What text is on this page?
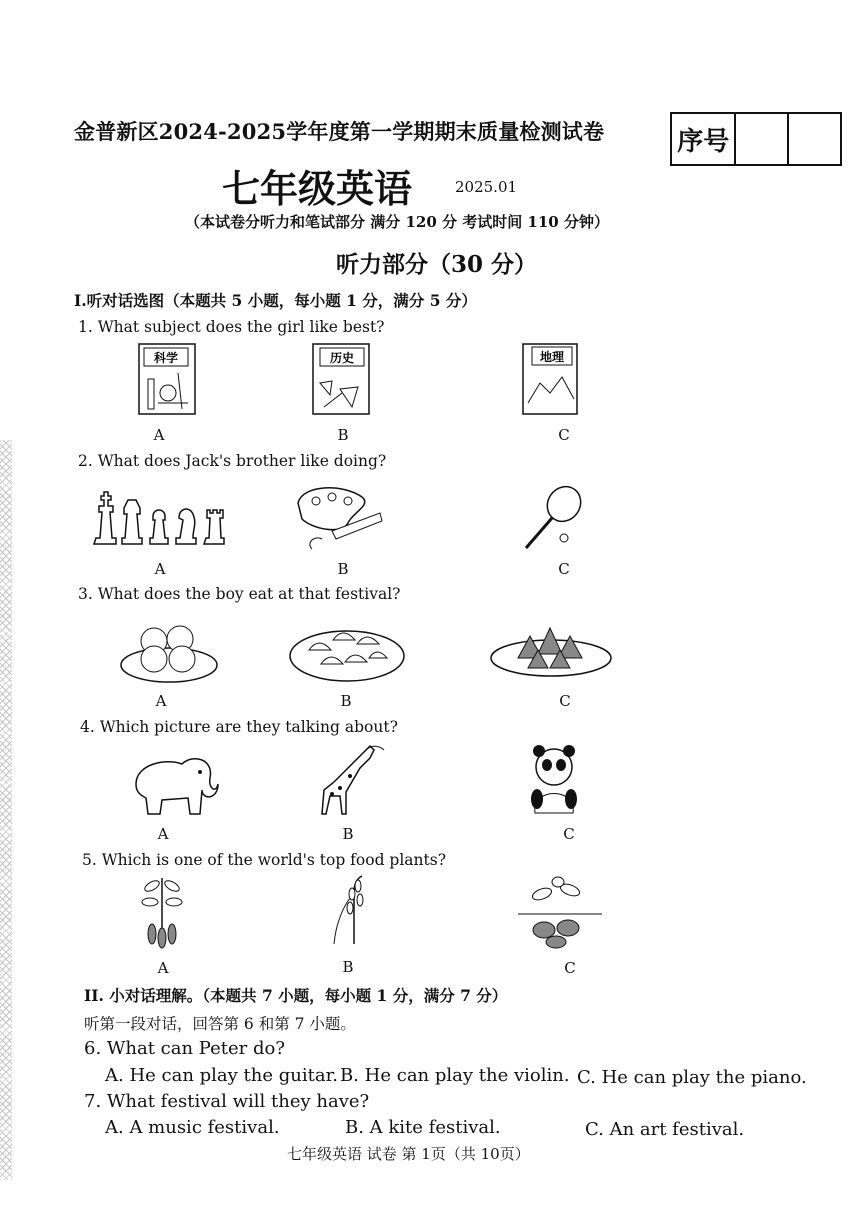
金普新区2024-2025学年度第一学期期末质量检测试卷	序号
七年级英语	2025.01
（本试卷分听力和笔试部分 满分 120 分 考试时间 110 分钟）
听力部分（30 分）
I.听对话选图（本题共 5 小题，每小题 1 分，满分 5 分）
1. What subject does the girl like best?
科学	历史	地理
A	B	C
2. What does Jack's brother like doing?
A	B	C
3. What does the boy eat at that festival?
A	B	C
4. Which picture are they talking about?
A	B	C
5. Which is one of the world's top food plants?
A	B	C
II. 小对话理解。（本题共 7 小题，每小题 1 分，满分 7 分）
听第一段对话，回答第 6 和第 7 小题。
6. What can Peter do?
A. He can play the guitar. B. He can play the violin. C. He can play the piano.
7. What festival will they have?
A. A music festival.	B. A kite festival.	C. An art festival.
七年级英语 试卷 第 1页（共 10页）
